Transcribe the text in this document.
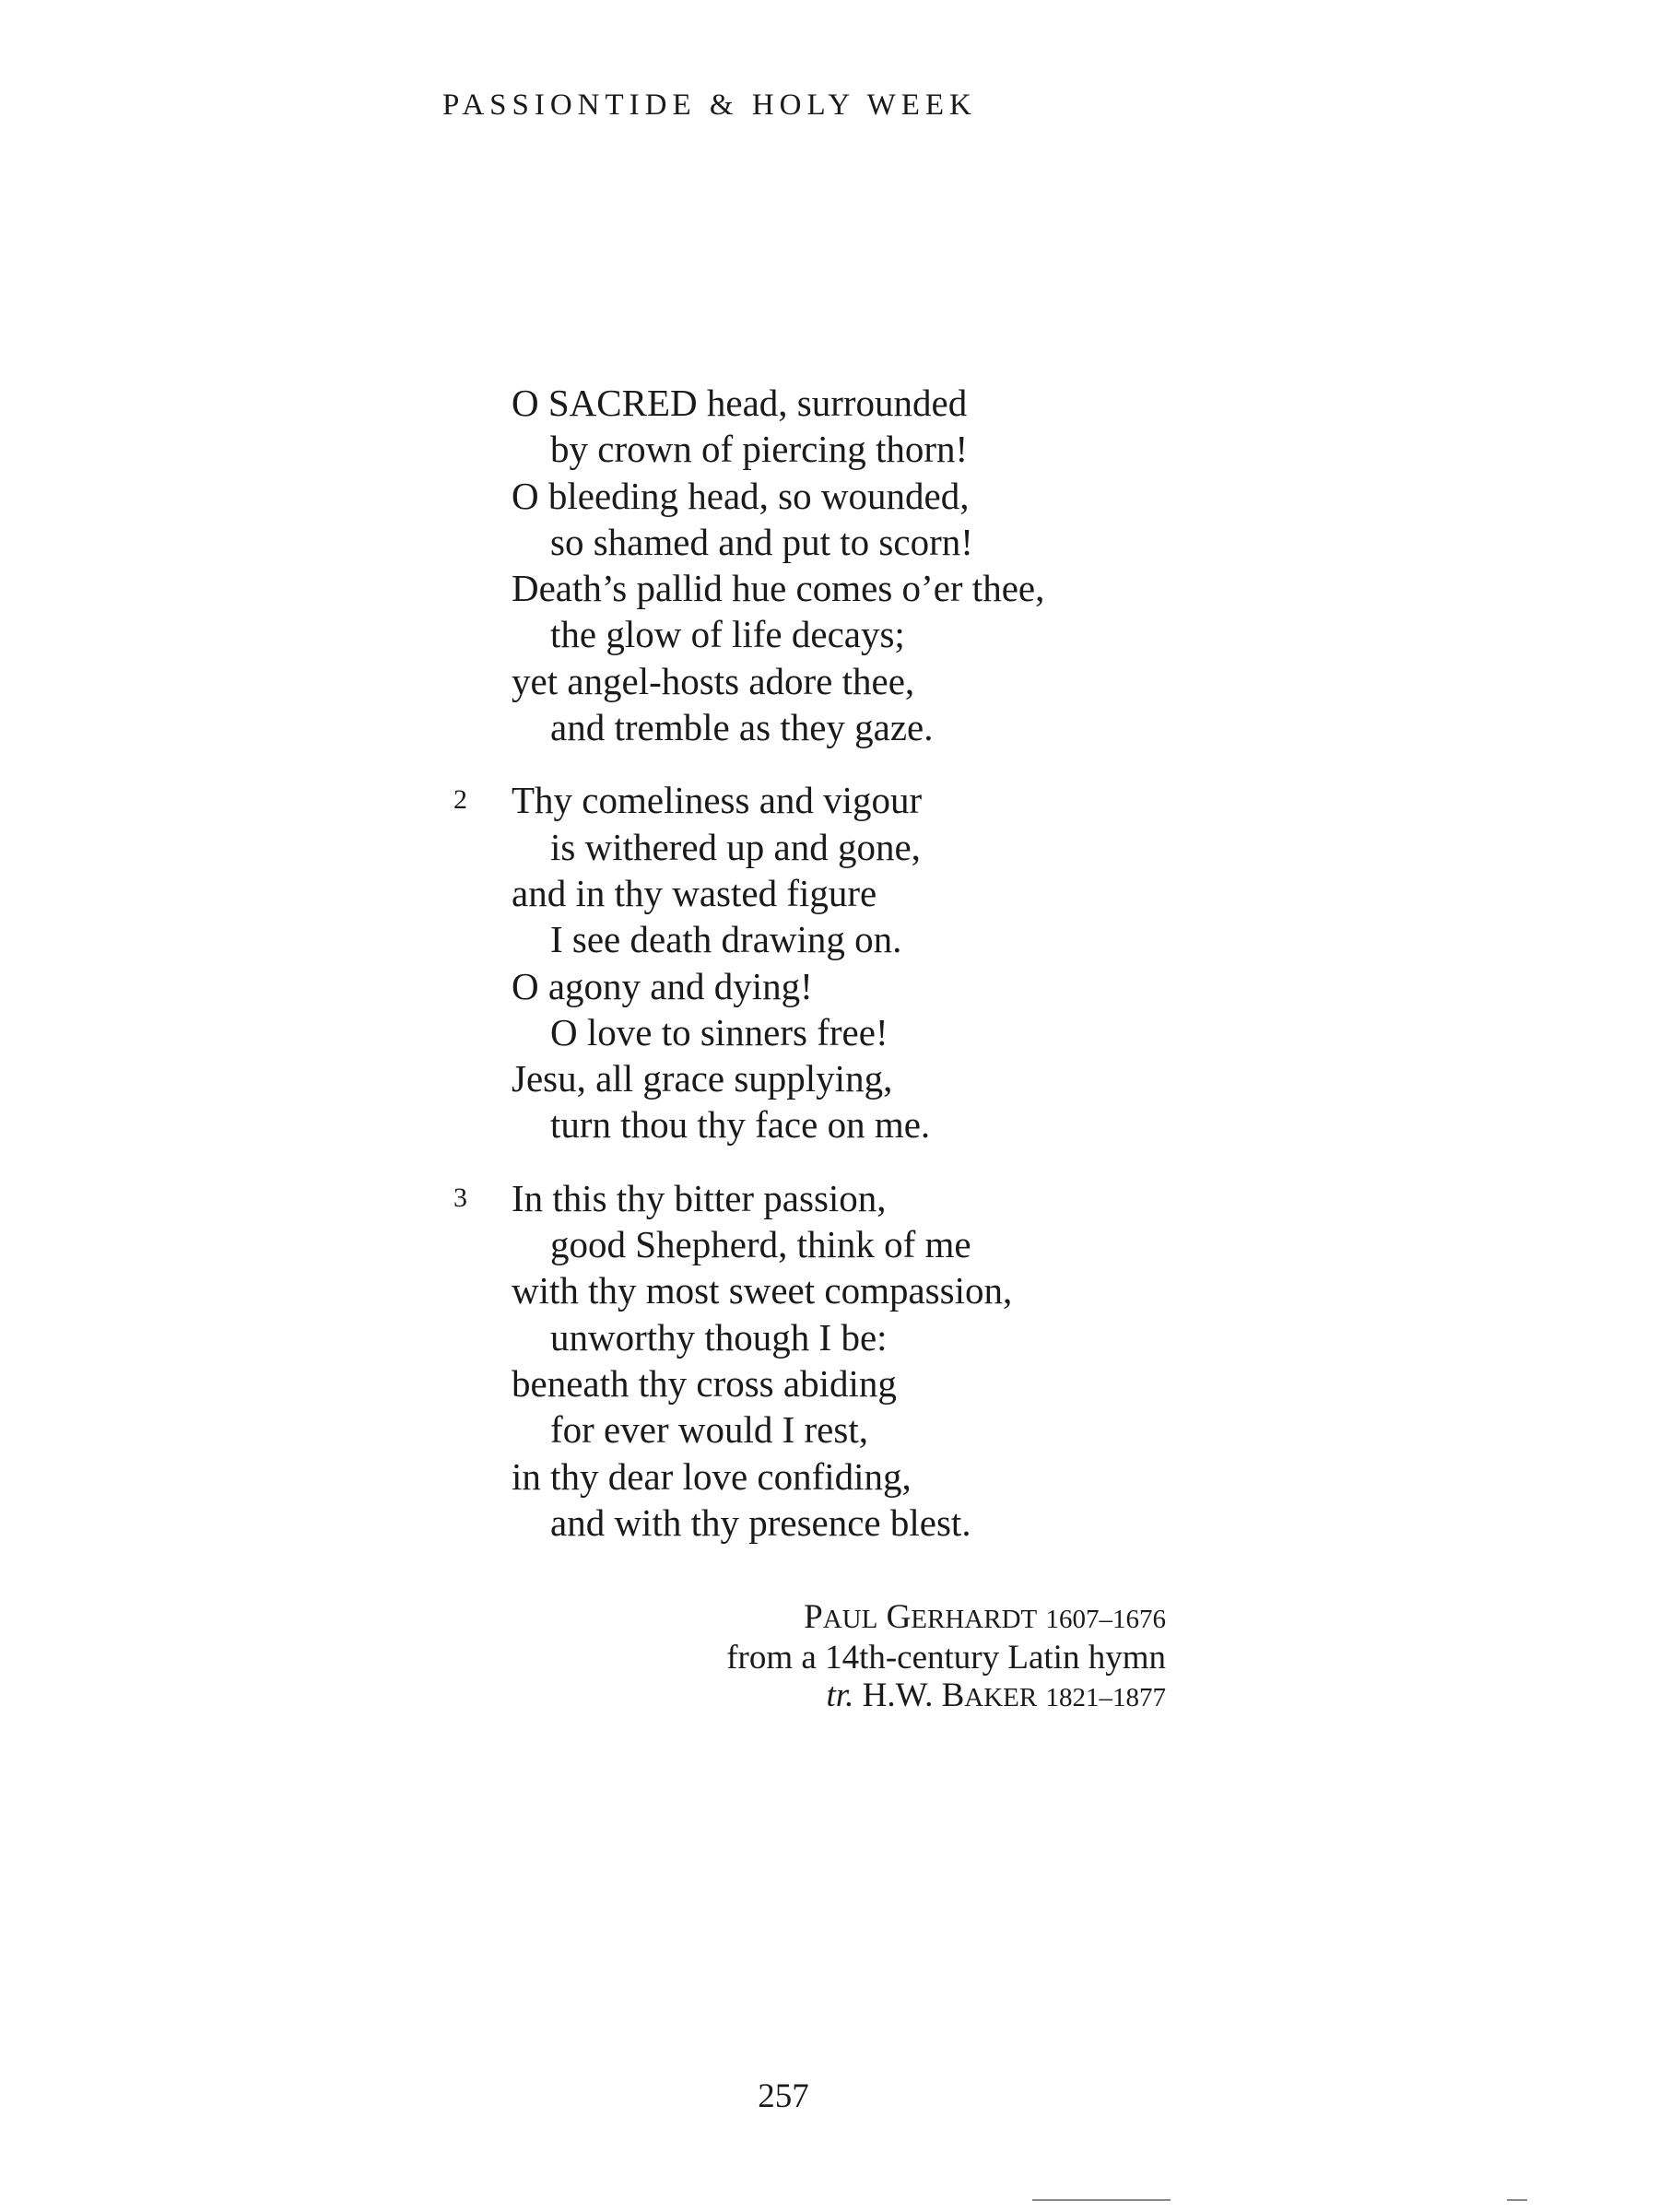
PASSIONTIDE & HOLY WEEK
O SACRED head, surrounded
by crown of piercing thorn!
O bleeding head, so wounded,
so shamed and put to scorn!
Death’s pallid hue comes o’er thee,
the glow of life decays;
yet angel-hosts adore thee,
and tremble as they gaze.
2	Thy comeliness and vigour
is withered up and gone,
and in thy wasted figure
I see death drawing on.
O agony and dying!
O love to sinners free!
Jesu, all grace supplying,
turn thou thy face on me.
3	In this thy bitter passion,
good Shepherd, think of me
with thy most sweet compassion,
unworthy though I be:
beneath thy cross abiding
for ever would I rest,
in thy dear love confiding,
and with thy presence blest.
PAUL GERHARDT 1607–1676
from a 14th-century Latin hymn
tr. H.W. BAKER 1821–1877
257
